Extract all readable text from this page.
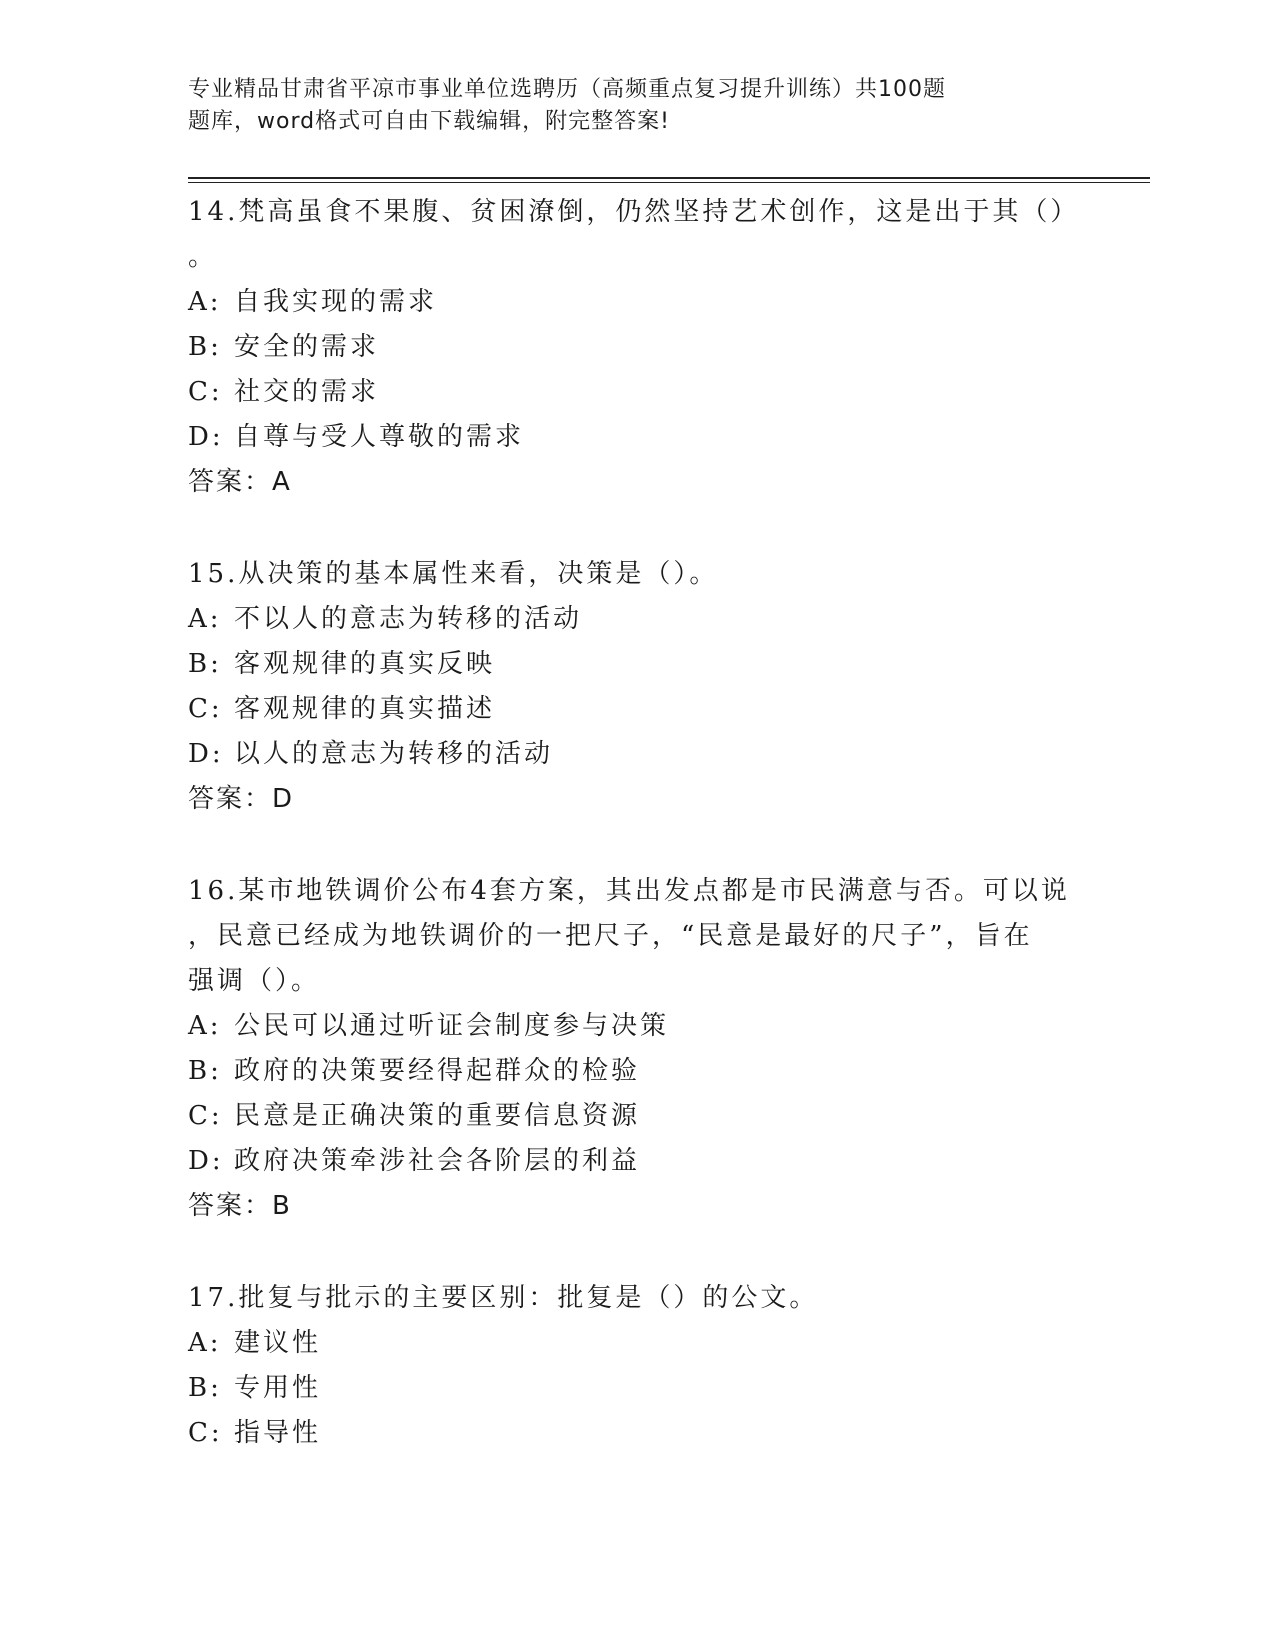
专业精品甘肃省平凉市事业单位选聘历（高频重点复习提升训练）共100题
题库，word格式可自由下载编辑，附完整答案!
14.梵高虽食不果腹、贫困潦倒，仍然坚持艺术创作，这是出于其（）
。
A: 自我实现的需求
B: 安全的需求
C: 社交的需求
D: 自尊与受人尊敬的需求
答案：A
15.从决策的基本属性来看，决策是（）。
A: 不以人的意志为转移的活动
B: 客观规律的真实反映
C: 客观规律的真实描述
D: 以人的意志为转移的活动
答案：D
16.某市地铁调价公布4套方案，其出发点都是市民满意与否。可以说
，民意已经成为地铁调价的一把尺子，“民意是最好的尺子”，旨在
强调（）。
A: 公民可以通过听证会制度参与决策
B: 政府的决策要经得起群众的检验
C: 民意是正确决策的重要信息资源
D: 政府决策牵涉社会各阶层的利益
答案：B
17.批复与批示的主要区别：批复是（）的公文。
A: 建议性
B: 专用性
C: 指导性
